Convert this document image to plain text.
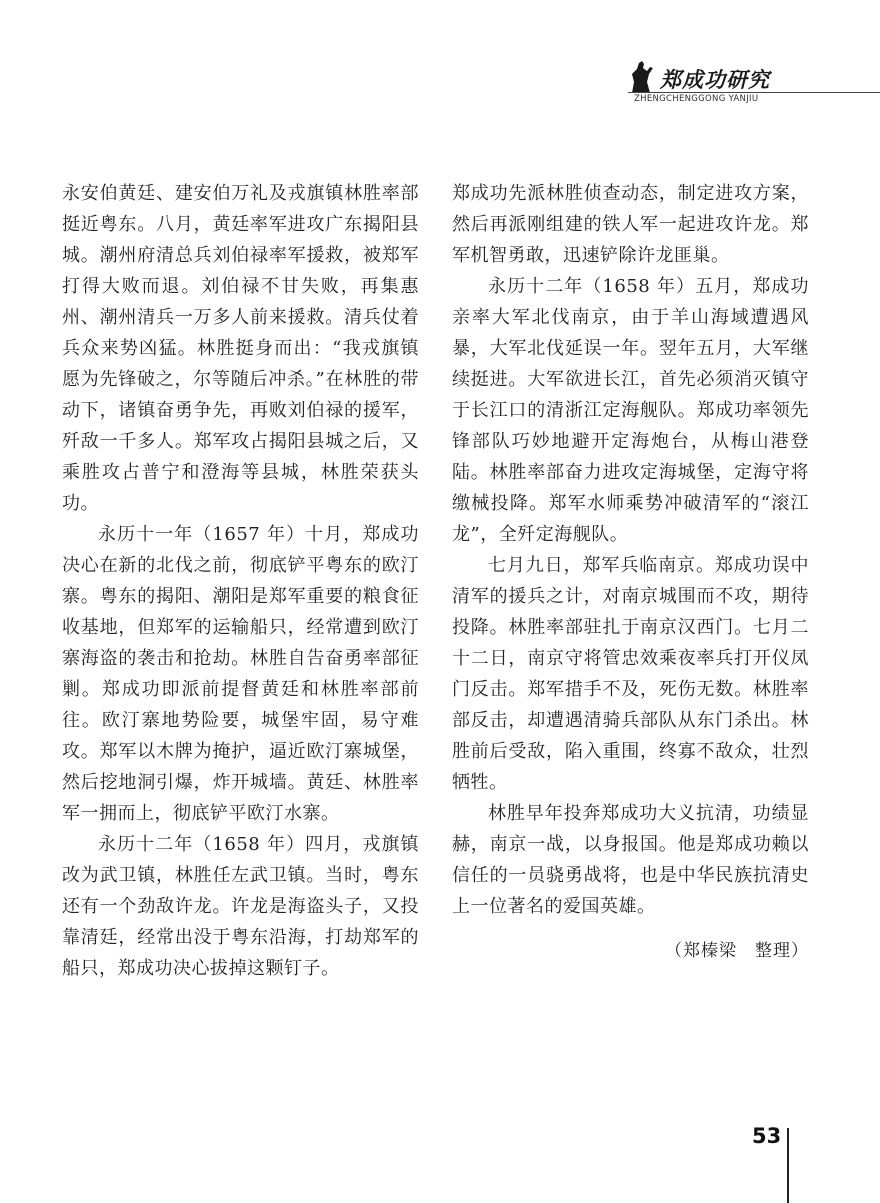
郑成功研究
ZHENGCHENGGONG YANJIU

永安伯黄廷、建安伯万礼及戎旗镇林胜率部挺近粤东。八月，黄廷率军进攻广东揭阳县城。潮州府清总兵刘伯禄率军援救，被郑军打得大败而退。刘伯禄不甘失败，再集惠州、潮州清兵一万多人前来援救。清兵仗着兵众来势凶猛。林胜挺身而出：“我戎旗镇愿为先锋破之，尔等随后冲杀。”在林胜的带动下，诸镇奋勇争先，再败刘伯禄的援军，歼敌一千多人。郑军攻占揭阳县城之后，又乘胜攻占普宁和澄海等县城，林胜荣获头功。

永历十一年（1657 年）十月，郑成功决心在新的北伐之前，彻底铲平粤东的欧汀寨。粤东的揭阳、潮阳是郑军重要的粮食征收基地，但郑军的运输船只，经常遭到欧汀寨海盗的袭击和抢劫。林胜自告奋勇率部征剿。郑成功即派前提督黄廷和林胜率部前往。欧汀寨地势险要，城堡牢固，易守难攻。郑军以木牌为掩护，逼近欧汀寨城堡，然后挖地洞引爆，炸开城墙。黄廷、林胜率军一拥而上，彻底铲平欧汀水寨。

永历十二年（1658 年）四月，戎旗镇改为武卫镇，林胜任左武卫镇。当时，粤东还有一个劲敌许龙。许龙是海盗头子，又投靠清廷，经常出没于粤东沿海，打劫郑军的船只，郑成功决心拔掉这颗钉子。

郑成功先派林胜侦查动态，制定进攻方案，然后再派刚组建的铁人军一起进攻许龙。郑军机智勇敢，迅速铲除许龙匪巢。

永历十二年（1658 年）五月，郑成功亲率大军北伐南京，由于羊山海域遭遇风暴，大军北伐延误一年。翌年五月，大军继续挺进。大军欲进长江，首先必须消灭镇守于长江口的清浙江定海舰队。郑成功率领先锋部队巧妙地避开定海炮台，从梅山港登陆。林胜率部奋力进攻定海城堡，定海守将缴械投降。郑军水师乘势冲破清军的“滚江龙”，全歼定海舰队。

七月九日，郑军兵临南京。郑成功误中清军的援兵之计，对南京城围而不攻，期待投降。林胜率部驻扎于南京汉西门。七月二十二日，南京守将管忠效乘夜率兵打开仪凤门反击。郑军措手不及，死伤无数。林胜率部反击，却遭遇清骑兵部队从东门杀出。林胜前后受敌，陷入重围，终寡不敌众，壮烈牺牲。

林胜早年投奔郑成功大义抗清，功绩显赫，南京一战，以身报国。他是郑成功赖以信任的一员骁勇战将，也是中华民族抗清史上一位著名的爱国英雄。

（郑榛梁　整理）

53
